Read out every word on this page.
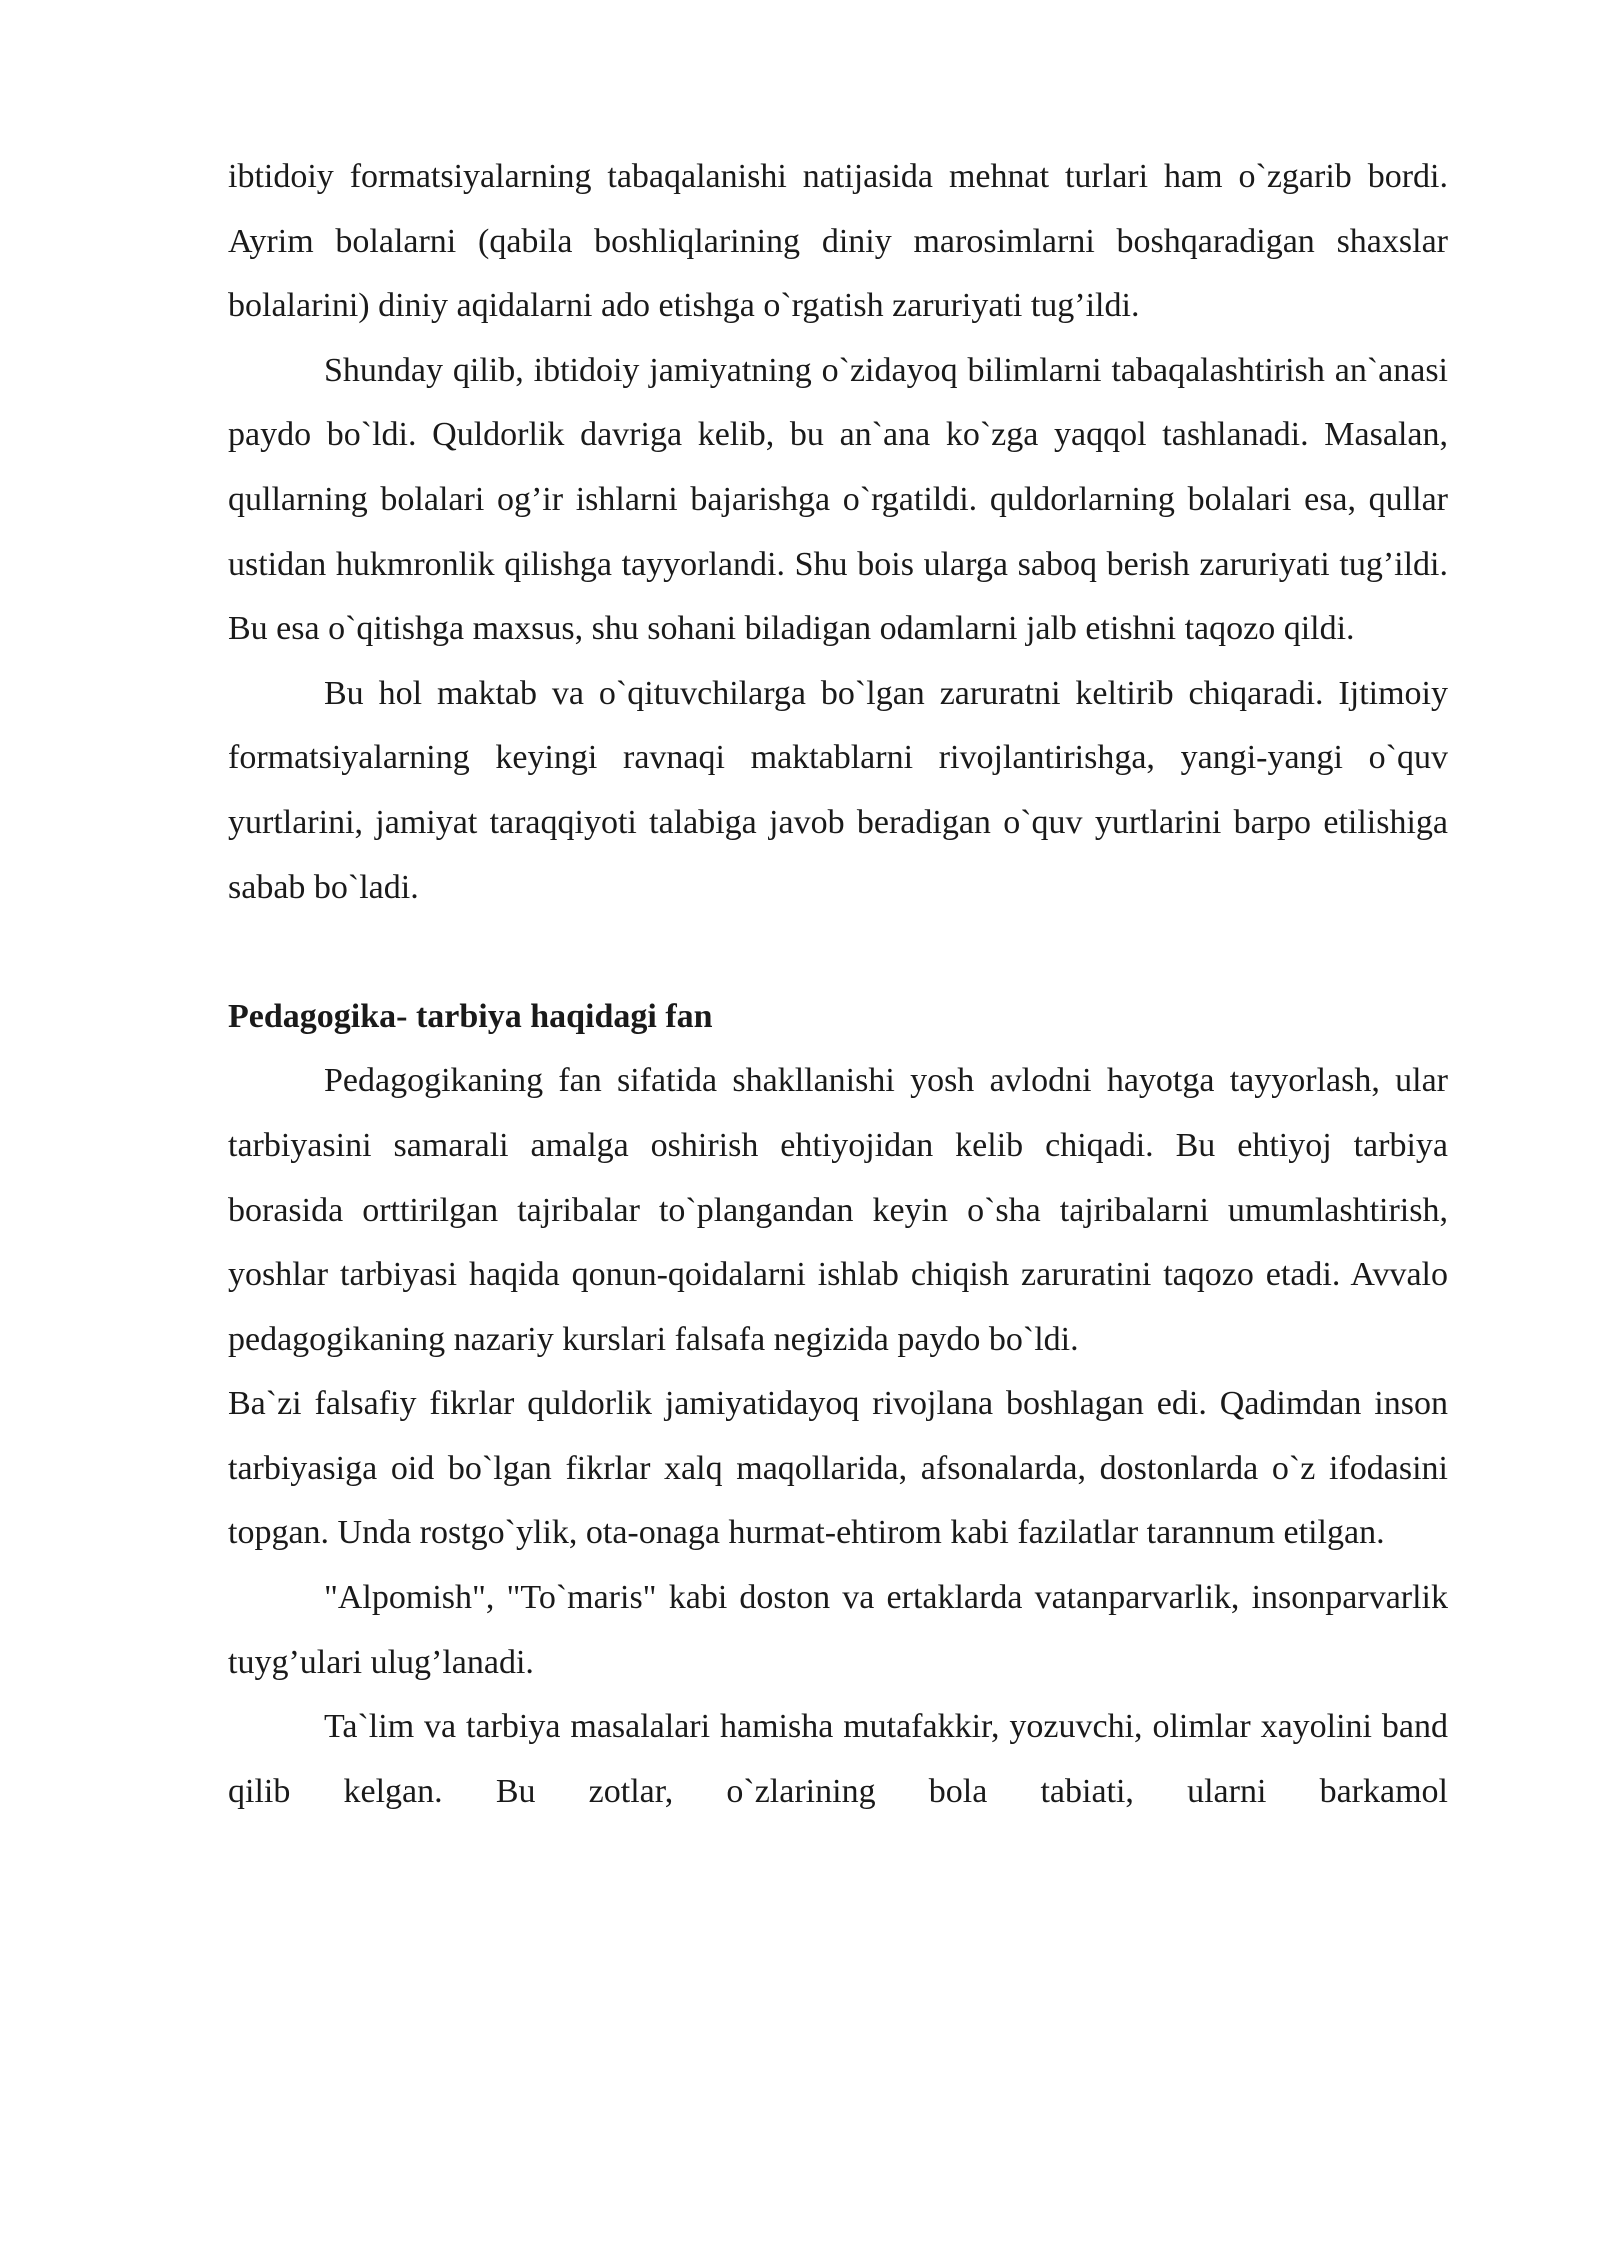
ibtidoiy formatsiyalarning tabaqalanishi natijasida mehnat turlari ham o`zgarib bordi. Ayrim bolalarni (qabila boshliqlarining diniy marosimlarni boshqaradigan shaxslar bolalarini) diniy aqidalarni ado etishga o`rgatish zaruriyati tug’ildi.

Shunday qilib, ibtidoiy jamiyatning o`zidayoq bilimlarni tabaqalashtirish an`anasi paydo bo`ldi. Quldorlik davriga kelib, bu an`ana ko`zga yaqqol tashlanadi. Masalan, qullarning bolalari og’ir ishlarni bajarishga o`rgatildi. quldorlarning bolalari esa, qullar ustidan hukmronlik qilishga tayyorlandi. Shu bois ularga saboq berish zaruriyati tug’ildi. Bu esa o`qitishga maxsus, shu sohani biladigan odamlarni jalb etishni taqozo qildi.

Bu hol maktab va o`qituvchilarga bo`lgan zaruratni keltirib chiqaradi. Ijtimoiy formatsiyalarning keyingi ravnaqi maktablarni rivojlantirishga, yangi-yangi o`quv yurtlarini, jamiyat taraqqiyoti talabiga javob beradigan o`quv yurtlarini barpo etilishiga sabab bo`ladi.

Pedagogika- tarbiya haqidagi fan

Pedagogikaning fan sifatida shakllanishi yosh avlodni hayotga tayyorlash, ular tarbiyasini samarali amalga oshirish ehtiyojidan kelib chiqadi. Bu ehtiyoj tarbiya borasida orttirilgan tajribalar to`plangandan keyin o`sha tajribalarni umumlashtirish, yoshlar tarbiyasi haqida qonun-qoidalarni ishlab chiqish zaruratini taqozo etadi. Avvalo pedagogikaning nazariy kurslari falsafa negizida paydo bo`ldi.

Ba`zi falsafiy fikrlar quldorlik jamiyatidayoq rivojlana boshlagan edi. Qadimdan inson tarbiyasiga oid bo`lgan fikrlar xalq maqollarida, afsonalarda, dostonlarda o`z ifodasini topgan. Unda rostgo`ylik, ota-onaga hurmat-ehtirom kabi fazilatlar tarannum etilgan.

"Alpomish", "To`maris" kabi doston va ertaklarda vatanparvarlik, insonparvarlik tuyg’ulari ulug’lanadi.

Ta`lim va tarbiya masalalari hamisha mutafakkir, yozuvchi, olimlar xayolini band qilib kelgan. Bu zotlar, o`zlarining bola tabiati, ularni barkamol
